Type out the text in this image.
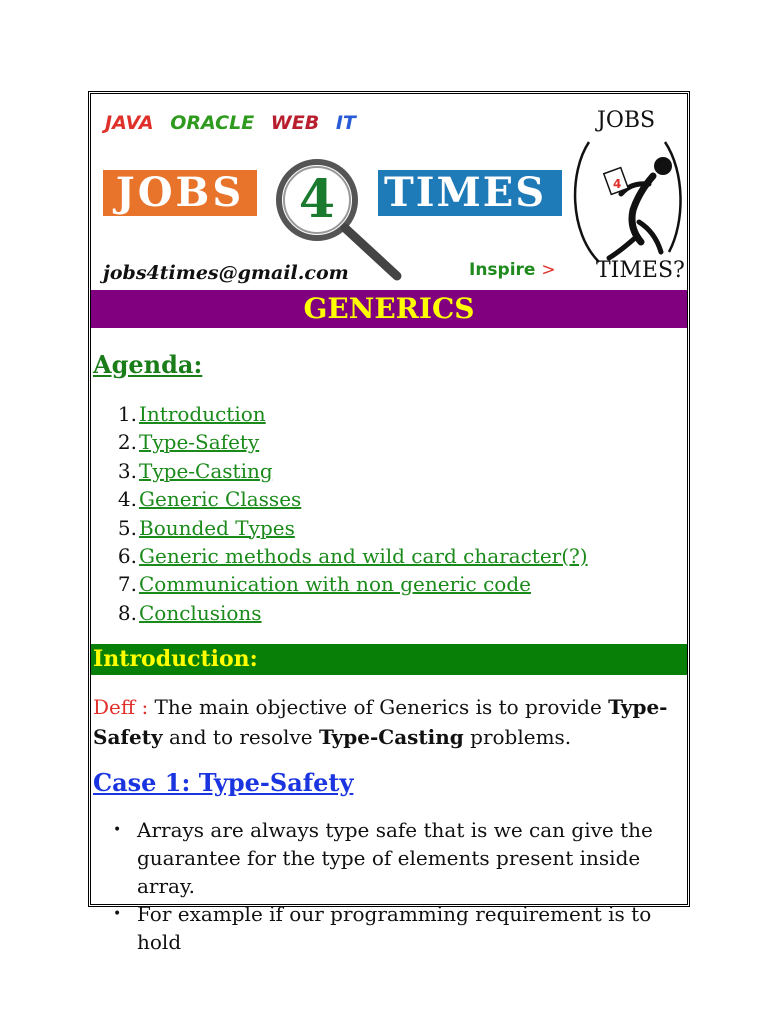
JAVA ORACLE WEB IT
JOBS 4 TIMES
jobs4times@gmail.com	Inspire >
4
JOBS
TIMES?
GENERICS
Agenda:
1. Introduction
2. Type-Safety
3. Type-Casting
4. Generic Classes
5. Bounded Types
6. Generic methods and wild card character(?)
7. Communication with non generic code
8. Conclusions
Introduction:

Deff : The main objective of Generics is to provide Type-Safety and to resolve Type-Casting problems.

Case 1: Type-Safety
• Arrays are always type safe that is we can give the guarantee for the type of elements present inside array.
• For example if our programming requirement is to hold
